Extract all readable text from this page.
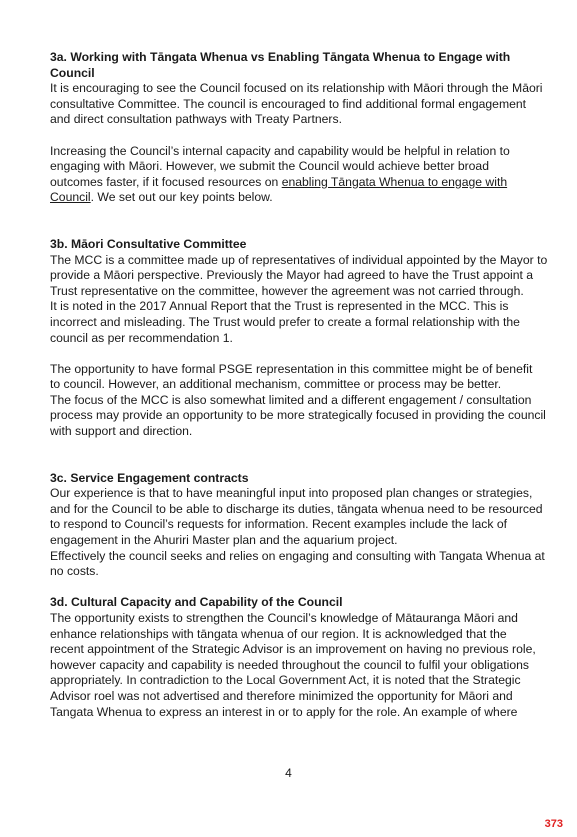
3a. Working with Tāngata Whenua vs Enabling Tāngata Whenua to Engage with Council
It is encouraging to see the Council focused on its relationship with Māori through the Māori
consultative Committee. The council is encouraged to find additional formal engagement
and direct consultation pathways with Treaty Partners.
Increasing the Council’s internal capacity and capability would be helpful in relation to
engaging with Māori. However, we submit the Council would achieve better broad
outcomes faster, if it focused resources on enabling Tāngata Whenua to engage with
Council. We set out our key points below.
3b. Māori Consultative Committee
The MCC is a committee made up of representatives of individual appointed by the Mayor to
provide a Māori perspective. Previously the Mayor had agreed to have the Trust appoint a
Trust representative on the committee, however the agreement was not carried through.
It is noted in the 2017 Annual Report that the Trust is represented in the MCC. This is
incorrect and misleading. The Trust would prefer to create a formal relationship with the
council as per recommendation 1.
The opportunity to have formal PSGE representation in this committee might be of benefit
to council. However, an additional mechanism, committee or process may be better.
The focus of the MCC is also somewhat limited and a different engagement / consultation
process may provide an opportunity to be more strategically focused in providing the council
with support and direction.
3c. Service Engagement contracts
Our experience is that to have meaningful input into proposed plan changes or strategies,
and for the Council to be able to discharge its duties, tāngata whenua need to be resourced
to respond to Council’s requests for information. Recent examples include the lack of
engagement in the Ahuriri Master plan and the aquarium project.
Effectively the council seeks and relies on engaging and consulting with Tangata Whenua at
no costs.
3d. Cultural Capacity and Capability of the Council
The opportunity exists to strengthen the Council’s knowledge of Mātauranga Māori and
enhance relationships with tāngata whenua of our region. It is acknowledged that the
recent appointment of the Strategic Advisor is an improvement on having no previous role,
however capacity and capability is needed throughout the council to fulfil your obligations
appropriately. In contradiction to the Local Government Act, it is noted that the Strategic
Advisor roel was not advertised and therefore minimized the opportunity for Māori and
Tangata Whenua to express an interest in or to apply for the role. An example of where
4
373
